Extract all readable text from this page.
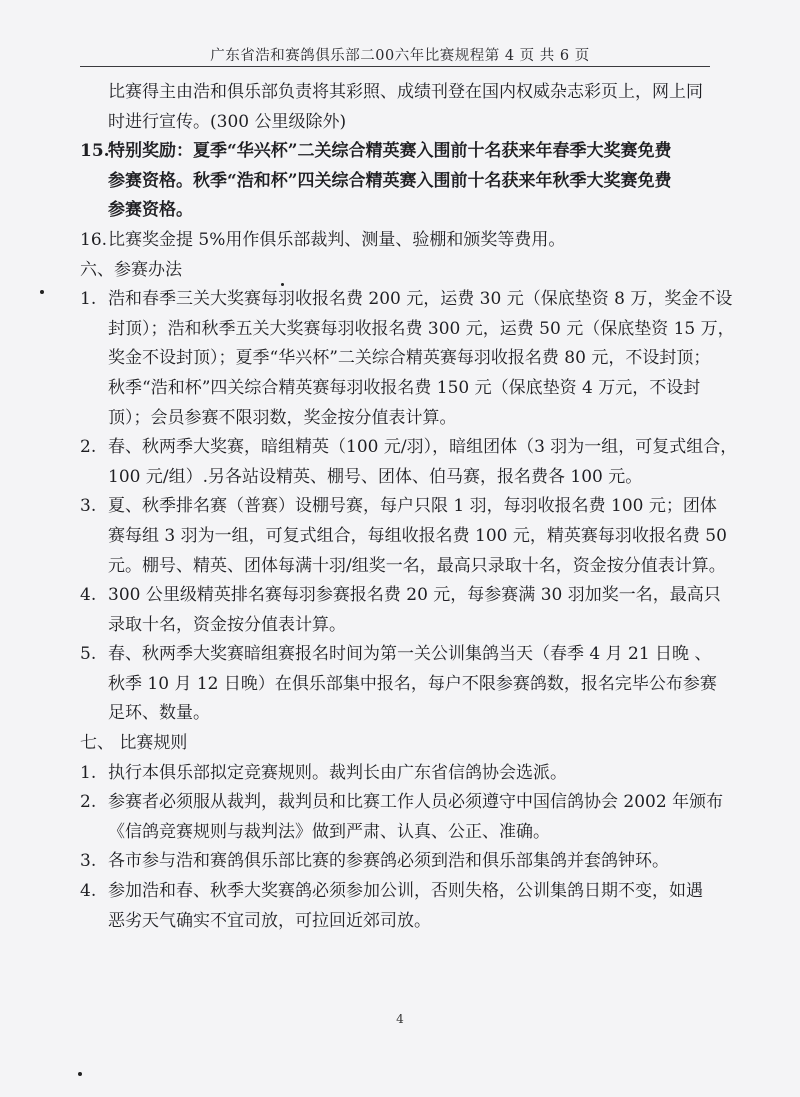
广东省浩和赛鸽俱乐部二00六年比赛规程第 4 页 共 6 页
比赛得主由浩和俱乐部负责将其彩照、成绩刊登在国内权威杂志彩页上，网上同
时进行宣传。(300 公里级除外)
15.
特别奖励：夏季“华兴杯”二关综合精英赛入围前十名获来年春季大奖赛免费
参赛资格。秋季“浩和杯”四关综合精英赛入围前十名获来年秋季大奖赛免费
参赛资格。
16. 比赛奖金提 5%用作俱乐部裁判、测量、验棚和颁奖等费用。
六、参赛办法
1. 浩和春季三关大奖赛每羽收报名费 200 元，运费 30 元（保底垫资 8 万，奖金不设
封顶）；浩和秋季五关大奖赛每羽收报名费 300 元，运费 50 元（保底垫资 15 万，
奖金不设封顶）；夏季“华兴杯”二关综合精英赛每羽收报名费 80 元，不设封顶；
秋季“浩和杯”四关综合精英赛每羽收报名费 150 元（保底垫资 4 万元，不设封
顶）；会员参赛不限羽数，奖金按分值表计算。
2. 春、秋两季大奖赛，暗组精英（100 元/羽），暗组团体（3 羽为一组，可复式组合，
100 元/组）.另各站设精英、棚号、团体、伯马赛，报名费各 100 元。
3. 夏、秋季排名赛（普赛）设棚号赛，每户只限 1 羽，每羽收报名费 100 元；团体
赛每组 3 羽为一组，可复式组合，每组收报名费 100 元，精英赛每羽收报名费 50
元。棚号、精英、团体每满十羽/组奖一名，最高只录取十名，资金按分值表计算。
4. 300 公里级精英排名赛每羽参赛报名费 20 元，每参赛满 30 羽加奖一名，最高只
录取十名，资金按分值表计算。
5. 春、秋两季大奖赛暗组赛报名时间为第一关公训集鸽当天（春季 4 月 21 日晚 、
秋季 10 月 12 日晚）在俱乐部集中报名，每户不限参赛鸽数，报名完毕公布参赛
足环、数量。
七、 比赛规则
1. 执行本俱乐部拟定竞赛规则。裁判长由广东省信鸽协会选派。
2. 参赛者必须服从裁判，裁判员和比赛工作人员必须遵守中国信鸽协会 2002 年颁布
《信鸽竞赛规则与裁判法》做到严肃、认真、公正、准确。
3. 各市参与浩和赛鸽俱乐部比赛的参赛鸽必须到浩和俱乐部集鸽并套鸽钟环。
4. 参加浩和春、秋季大奖赛鸽必须参加公训，否则失格，公训集鸽日期不变，如遇
恶劣天气确实不宜司放，可拉回近郊司放。
4
